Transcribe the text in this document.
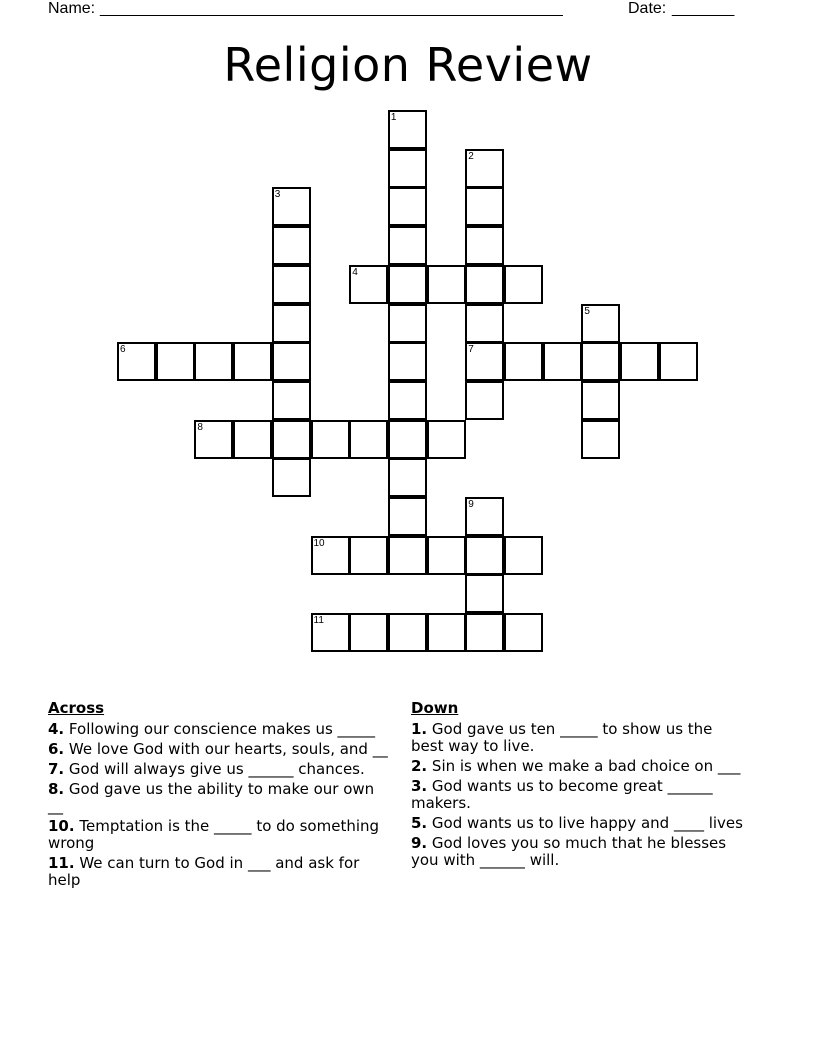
Name: ____________________________________________________	Date: _______
Religion Review
1
2
7
3
4
5
6
8
9
10
11
Across
4. Following our conscience makes us _____
6. We love God with our hearts, souls, and __
7. God will always give us ______ chances.
8. God gave us the ability to make our own __
10. Temptation is the _____ to do something wrong
11. We can turn to God in ___ and ask for help
Down
1. God gave us ten _____ to show us the best way to live.
2. Sin is when we make a bad choice on ___
3. God wants us to become great ______ makers.
5. God wants us to live happy and ____ lives
9. God loves you so much that he blesses you with ______ will.
